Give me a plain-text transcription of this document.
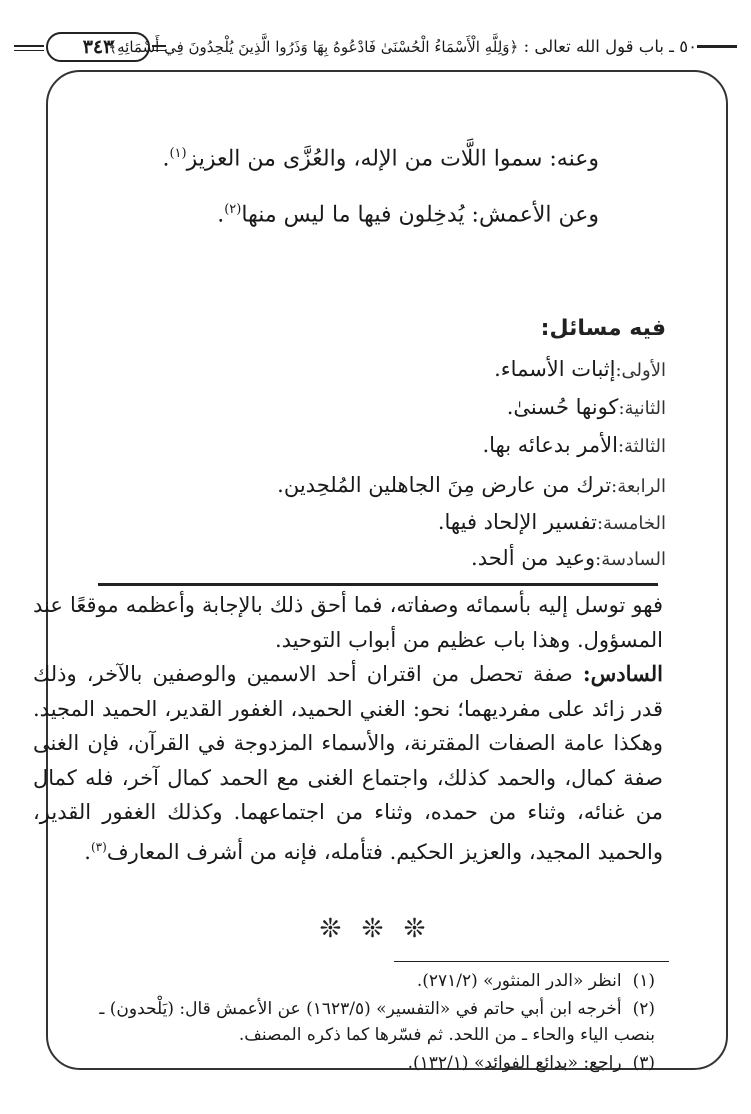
٣٤٣	٥٠ ـ باب قول الله تعالى : ﴿وَلِلَّهِ الْأَسْمَاءُ الْحُسْنَىٰ فَادْعُوهُ بِهَا وَذَرُوا الَّذِينَ يُلْحِدُونَ فِي أَسْمَائِهِ﴾
وعنه: سموا اللَّات من الإله، والعُزَّى من العزيز$^{(١)}$.
وعن الأعمش: يُدخِلون فيها ما ليس منها$^{(٢)}$.
فيه مسائل:

فهو توسل إليه بأسمائه وصفاته، فما أحق ذلك بالإجابة وأعظمه موقعًا عند المسؤول. وهذا باب عظيم من أبواب التوحيد.

السادس: صفة تحصل من اقتران أحد الاسمين والوصفين بالآخر، وذلك قدر زائد على مفرديهما؛ نحو: الغني الحميد، الغفور القدير، الحميد المجيد. وهكذا عامة الصفات المقترنة، والأسماء المزدوجة في القرآن، فإن الغنى صفة كمال، والحمد كذلك، واجتماع الغنى مع الحمد كمال آخر، فله كمال من غنائه، وثناء من حمده، وثناء من اجتماعهما. وكذلك الغفور القدير، والحميد المجيد، والعزيز الحكيم. فتأمله، فإنه من أشرف المعارف$^{(٣)}$.

❊ ❊ ❊
(١) انظر «الدر المنثور» (٢٧١/٢).
(٢) أخرجه ابن أبي حاتم في «التفسير» (١٦٢٣/٥) عن الأعمش قال: (يَلْحدون) ـ بنصب الياء والحاء ـ من اللحد. ثم فسّرها كما ذكره المصنف.
(٣) راجع: «بدائع الفوائد» (١٣٢/١).
الأولى:إثبات الأسماء.
الثانية:كونها حُسنىٰ.
الثالثة:الأمر بدعائه بها.
الرابعة:ترك من عارض مِنَ الجاهلين المُلحِدين.
الخامسة:تفسير الإلحاد فيها.
السادسة:وعيد من ألحد.
